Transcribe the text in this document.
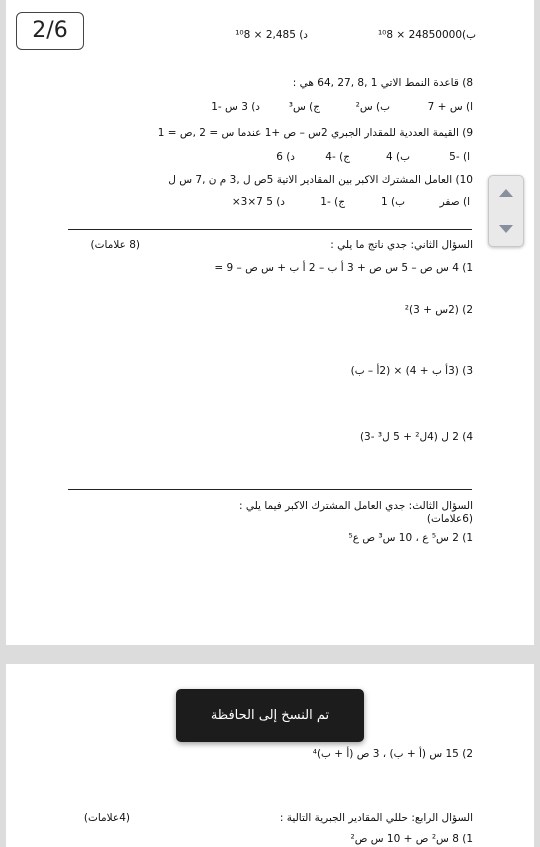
2/6	ب)24850000 × ¹⁰8
د) 2,485 × ¹⁰8
8) قاعدة النمط الاتي 1 ,8 ,27 ,64 هي :
ا) س + 7
ب) س²
ج) س³
د) 3 س -1
9) القيمة العددية للمقدار الجبري 2س – ص +1 عندما س = 2 ,ص = 1
ا) -5
ب) 4
ج) -4
د) 6
10) العامل المشترك الاكبر بين المقادير الاتية 5ص ل ,3 م ن ,7 س ل
ا) صفر
ب) 1
ج) -1
د) 5 7×3×
السؤال الثاني: جدي ناتج ما يلي :
(8 علامات)
1) 4 س ص – 5 س ص + 3 أ ب – 2 أ ب + س ص – 9 =
2) (2س + 3)²
3) (3أ ب + 4) × (2أ – ب)
4) 2 ل (4ل² + 5 ل³ -3)
السؤال الثالث: جدي العامل المشترك الاكبر فيما يلي :
(6علامات)
1) 2 س⁵ ع ، 10 س³ ص ع⁵
تم النسخ إلى الحافظة
2) 15 س (أ + ب) ، 3 ص (أ + ب)⁴
السؤال الرابع: حللي المقادير الجبرية التالية :
(4علامات)
1) 8 س² ص + 10 س ص²
